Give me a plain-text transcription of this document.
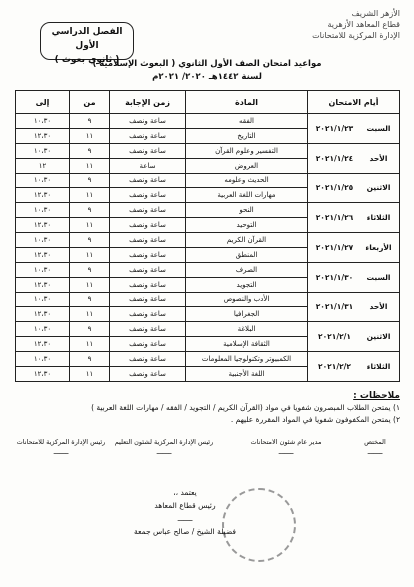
الأزهر الشريف
قطاع المعاهد الأزهرية
الإدارة المركزية للامتحانات
الفصل الدراسي الأول
( ثانوي بعوث )
مواعيد امتحان الصف الأول الثانوي ( البعوث الإسلامية )
لسنة ١٤٤٢هـ ٢٠٢٠/ ٢٠٢١م
أيام الامتحان	المادة	زمن الإجابة	من	إلى
السبت٢٠٢١/١/٢٣	الفقه	ساعة ونصف	٩	١٠،٣٠
	التاريخ	ساعة ونصف	١١	١٢،٣٠
الأحد٢٠٢١/١/٢٤	التفسير وعلوم القرآن	ساعة ونصف	٩	١٠،٣٠
	العروض	ساعة	١١	١٢
الاثنين٢٠٢١/١/٢٥	الحديث وعلومه	ساعة ونصف	٩	١٠،٣٠
	مهارات اللغة العربية	ساعة ونصف	١١	١٢،٣٠
الثلاثاء٢٠٢١/١/٢٦	النحو	ساعة ونصف	٩	١٠،٣٠
	التوحيد	ساعة ونصف	١١	١٢،٣٠
الأربعاء٢٠٢١/١/٢٧	القرآن الكريم	ساعة ونصف	٩	١٠،٣٠
	المنطق	ساعة ونصف	١١	١٢،٣٠
السبت٢٠٢١/١/٣٠	الصرف	ساعة ونصف	٩	١٠،٣٠
	التجويد	ساعة ونصف	١١	١٢،٣٠
الأحد٢٠٢١/١/٣١	الأدب والنصوص	ساعة ونصف	٩	١٠،٣٠
	الجغرافيا	ساعة ونصف	١١	١٢،٣٠
الاثنين٢٠٢١/٢/١	البلاغة	ساعة ونصف	٩	١٠،٣٠
	الثقافة الإسلامية	ساعة ونصف	١١	١٢،٣٠
الثلاثاء٢٠٢١/٢/٢	الكمبيوتر وتكنولوجيا المعلومات	ساعة ونصف	٩	١٠،٣٠
	اللغة الأجنبية	ساعة ونصف	١١	١٢،٣٠
ملاحظات :
١) يمتحن الطلاب المبصرون شفويا في مواد (القرآن الكريم / التجويد / الفقه / مهارات اللغة العربية )
٢) يمتحن المكفوفون شفويا في المواد المقررة عليهم .
المختص
ـــــ
مدير عام شئون الامتحانات
ـــــ
رئيس الإدارة المركزية لشئون التعليم
ـــــ
رئيس الإدارة المركزية للامتحانات
ـــــ
يعتمد ،،
رئيس قطاع المعاهد
ـــــ
فضيلة الشيخ / صالح عباس جمعة
